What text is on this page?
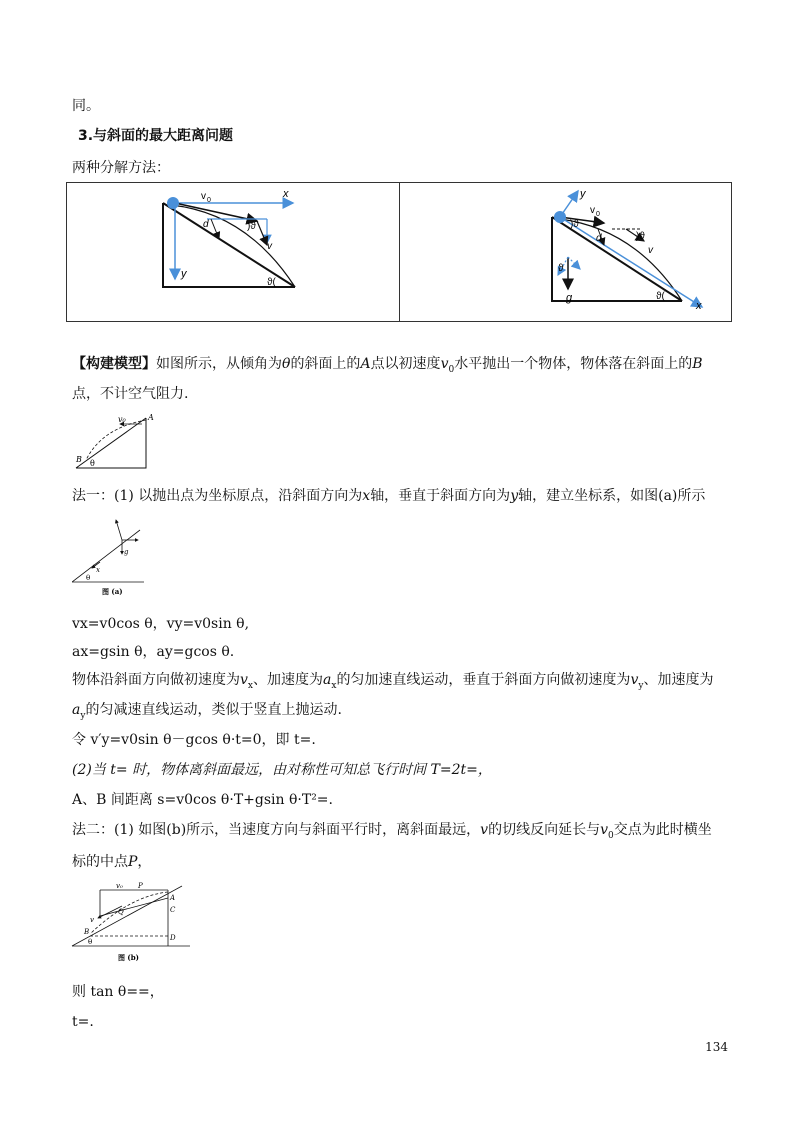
同。
3.与斜面的最大距离问题
两种分解方法：
v 0
x
d	)ϑ
v
y
ϑ(
y
v 0
)ϑ
d	)ϑ
v
ϑ
g	ϑ(
x
【构建模型】如图所示，从倾角为θ的斜面上的A点以初速度$v_0$水平抛出一个物体，物体落在斜面上的B
点，不计空气阻力.
v₀	A
B θ
法一：(1) 以抛出点为坐标原点，沿斜面方向为x轴，垂直于斜面方向为y轴，建立坐标系，如图(a)所示
x
g
θ
图 (a)
vx=v0cos θ，vy=v0sin θ,
ax=gsin θ，ay=gcos θ.
物体沿斜面方向做初速度为$v_x$、加速度为$a_x$的匀加速直线运动，垂直于斜面方向做初速度为$v_y$、加速度为
$a_y$的匀减速直线运动，类似于竖直上抛运动.
令 v′y=v0sin θ－gcos θ·t=0，即 t=.
(2)当 t= 时，物体离斜面最远，由对称性可知总飞行时间 T=2t=，
A、B 间距离 s=v0cos θ·T+gsin θ·T²=.
法二：(1) 如图(b)所示，当速度方向与斜面平行时，离斜面最远，v的切线反向延长与$v_0$交点为此时横坐
标的中点P，
v₀ P
A
C
Q
v
B
D
θ
图 (b)
则 tan θ==，
t=.
134
